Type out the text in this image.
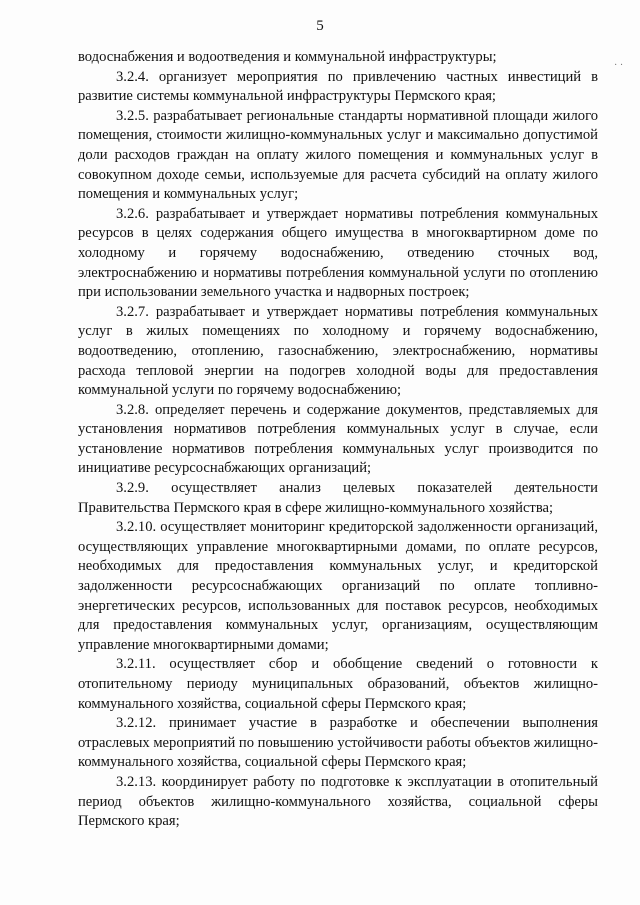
5
· ·

водоснабжения и водоотведения и коммунальной инфраструктуры;

3.2.4. организует мероприятия по привлечению частных инвестиций в развитие системы коммунальной инфраструктуры Пермского края;

3.2.5. разрабатывает региональные стандарты нормативной площади жилого помещения, стоимости жилищно-коммунальных услуг и максимально допустимой доли расходов граждан на оплату жилого помещения и коммунальных услуг в совокупном доходе семьи, используемые для расчета субсидий на оплату жилого помещения и коммунальных услуг;

3.2.6. разрабатывает и утверждает нормативы потребления коммунальных ресурсов в целях содержания общего имущества в многоквартирном доме по холодному и горячему водоснабжению, отведению сточных вод, электроснабжению и нормативы потребления коммунальной услуги по отоплению при использовании земельного участка и надворных построек;

3.2.7. разрабатывает и утверждает нормативы потребления коммунальных услуг в жилых помещениях по холодному и горячему водоснабжению, водоотведению, отоплению, газоснабжению, электроснабжению, нормативы расхода тепловой энергии на подогрев холодной воды для предоставления коммунальной услуги по горячему водоснабжению;

3.2.8. определяет перечень и содержание документов, представляемых для установления нормативов потребления коммунальных услуг в случае, если установление нормативов потребления коммунальных услуг производится по инициативе ресурсоснабжающих организаций;

3.2.9. осуществляет анализ целевых показателей деятельности Правительства Пермского края в сфере жилищно-коммунального хозяйства;

3.2.10. осуществляет мониторинг кредиторской задолженности организаций, осуществляющих управление многоквартирными домами, по оплате ресурсов, необходимых для предоставления коммунальных услуг, и кредиторской задолженности ресурсоснабжающих организаций по оплате топливно-энергетических ресурсов, использованных для поставок ресурсов, необходимых для предоставления коммунальных услуг, организациям, осуществляющим управление многоквартирными домами;

3.2.11. осуществляет сбор и обобщение сведений о готовности к отопительному периоду муниципальных образований, объектов жилищно-коммунального хозяйства, социальной сферы Пермского края;

3.2.12. принимает участие в разработке и обеспечении выполнения отраслевых мероприятий по повышению устойчивости работы объектов жилищно-коммунального хозяйства, социальной сферы Пермского края;

3.2.13. координирует работу по подготовке к эксплуатации в отопительный период объектов жилищно-коммунального хозяйства, социальной сферы Пермского края;
